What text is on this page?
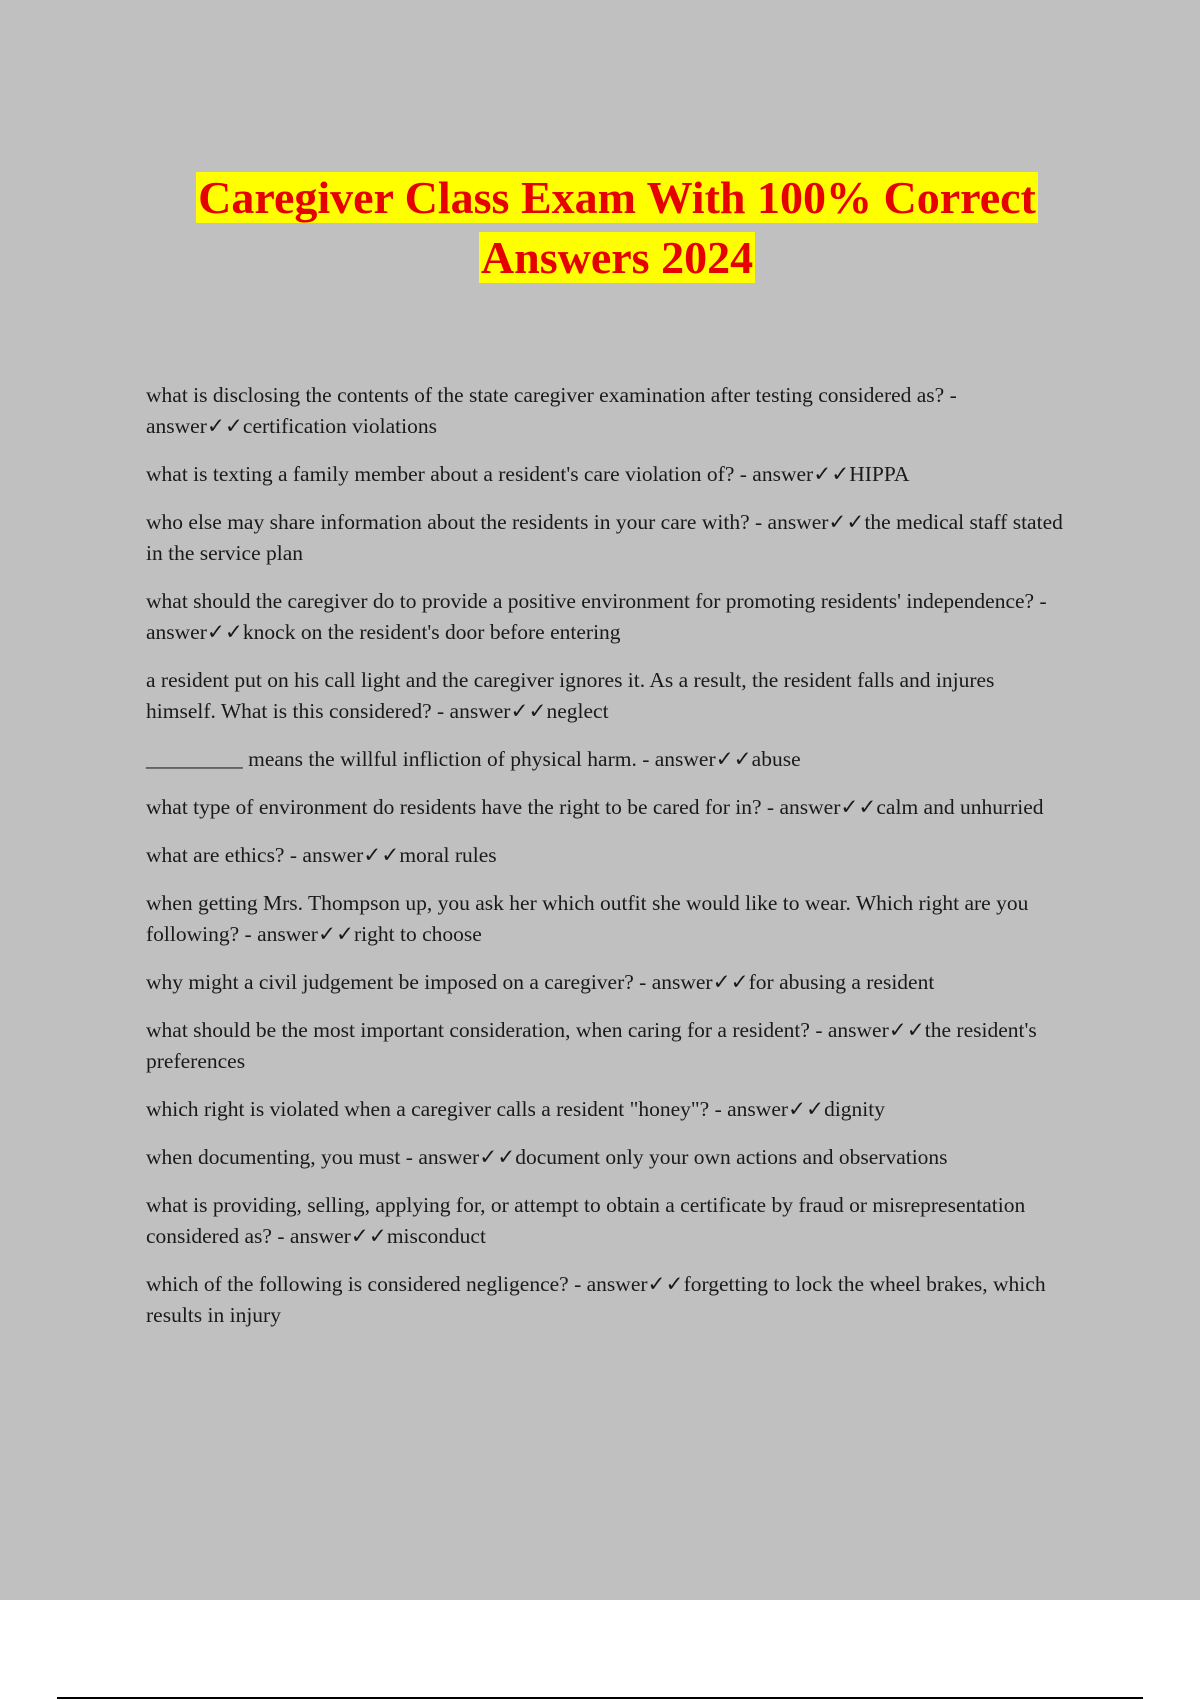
Caregiver Class Exam With 100% Correct Answers 2024
what is disclosing the contents of the state caregiver examination after testing considered as? - answer✓✓certification violations
what is texting a family member about a resident's care violation of? - answer✓✓HIPPA
who else may share information about the residents in your care with? - answer✓✓the medical staff stated in the service plan
what should the caregiver do to provide a positive environment for promoting residents' independence? - answer✓✓knock on the resident's door before entering
a resident put on his call light and the caregiver ignores it. As a result, the resident falls and injures himself. What is this considered? - answer✓✓neglect
_________ means the willful infliction of physical harm. - answer✓✓abuse
what type of environment do residents have the right to be cared for in? - answer✓✓calm and unhurried
what are ethics? - answer✓✓moral rules
when getting Mrs. Thompson up, you ask her which outfit she would like to wear. Which right are you following? - answer✓✓right to choose
why might a civil judgement be imposed on a caregiver? - answer✓✓for abusing a resident
what should be the most important consideration, when caring for a resident? - answer✓✓the resident's preferences
which right is violated when a caregiver calls a resident "honey"? - answer✓✓dignity
when documenting, you must - answer✓✓document only your own actions and observations
what is providing, selling, applying for, or attempt to obtain a certificate by fraud or misrepresentation considered as? - answer✓✓misconduct
which of the following is considered negligence? - answer✓✓forgetting to lock the wheel brakes, which results in injury
